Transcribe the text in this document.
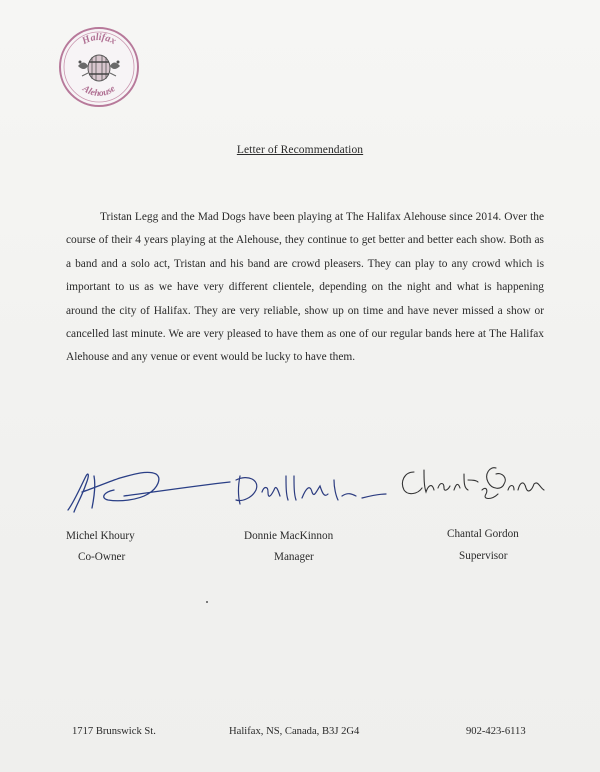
Halifax
Alehouse
Letter of Recommendation

Tristan Legg and the Mad Dogs have been playing at The Halifax Alehouse since 2014. Over the course of their 4 years playing at the Alehouse, they continue to get better and better each show. Both as a band and a solo act, Tristan and his band are crowd pleasers. They can play to any crowd which is important to us as we have very different clientele, depending on the night and what is happening around the city of Halifax. They are very reliable, show up on time and have never missed a show or cancelled last minute. We are very pleased to have them as one of our regular bands here at The Halifax Alehouse and any venue or event would be lucky to have them.

Michel Khoury
Co-Owner
Donnie MacKinnon
Manager
Chantal Gordon
Supervisor
1717 Brunswick St.	Halifax, NS, Canada, B3J 2G4	902-423-6113
